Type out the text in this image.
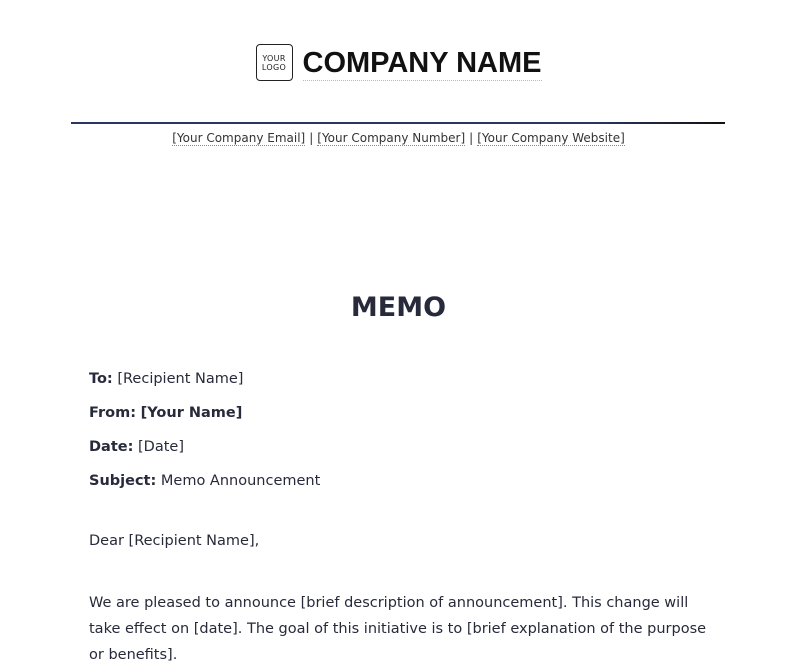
YOUR
LOGO COMPANY NAME
[Your Company Email] | [Your Company Number] | [Your Company Website]
MEMO
To: [Recipient Name]
From: [Your Name]
Date: [Date]
Subject: Memo Announcement
Dear [Recipient Name],
We are pleased to announce [brief description of announcement]. This change will take effect on [date]. The goal of this initiative is to [brief explanation of the purpose or benefits].
